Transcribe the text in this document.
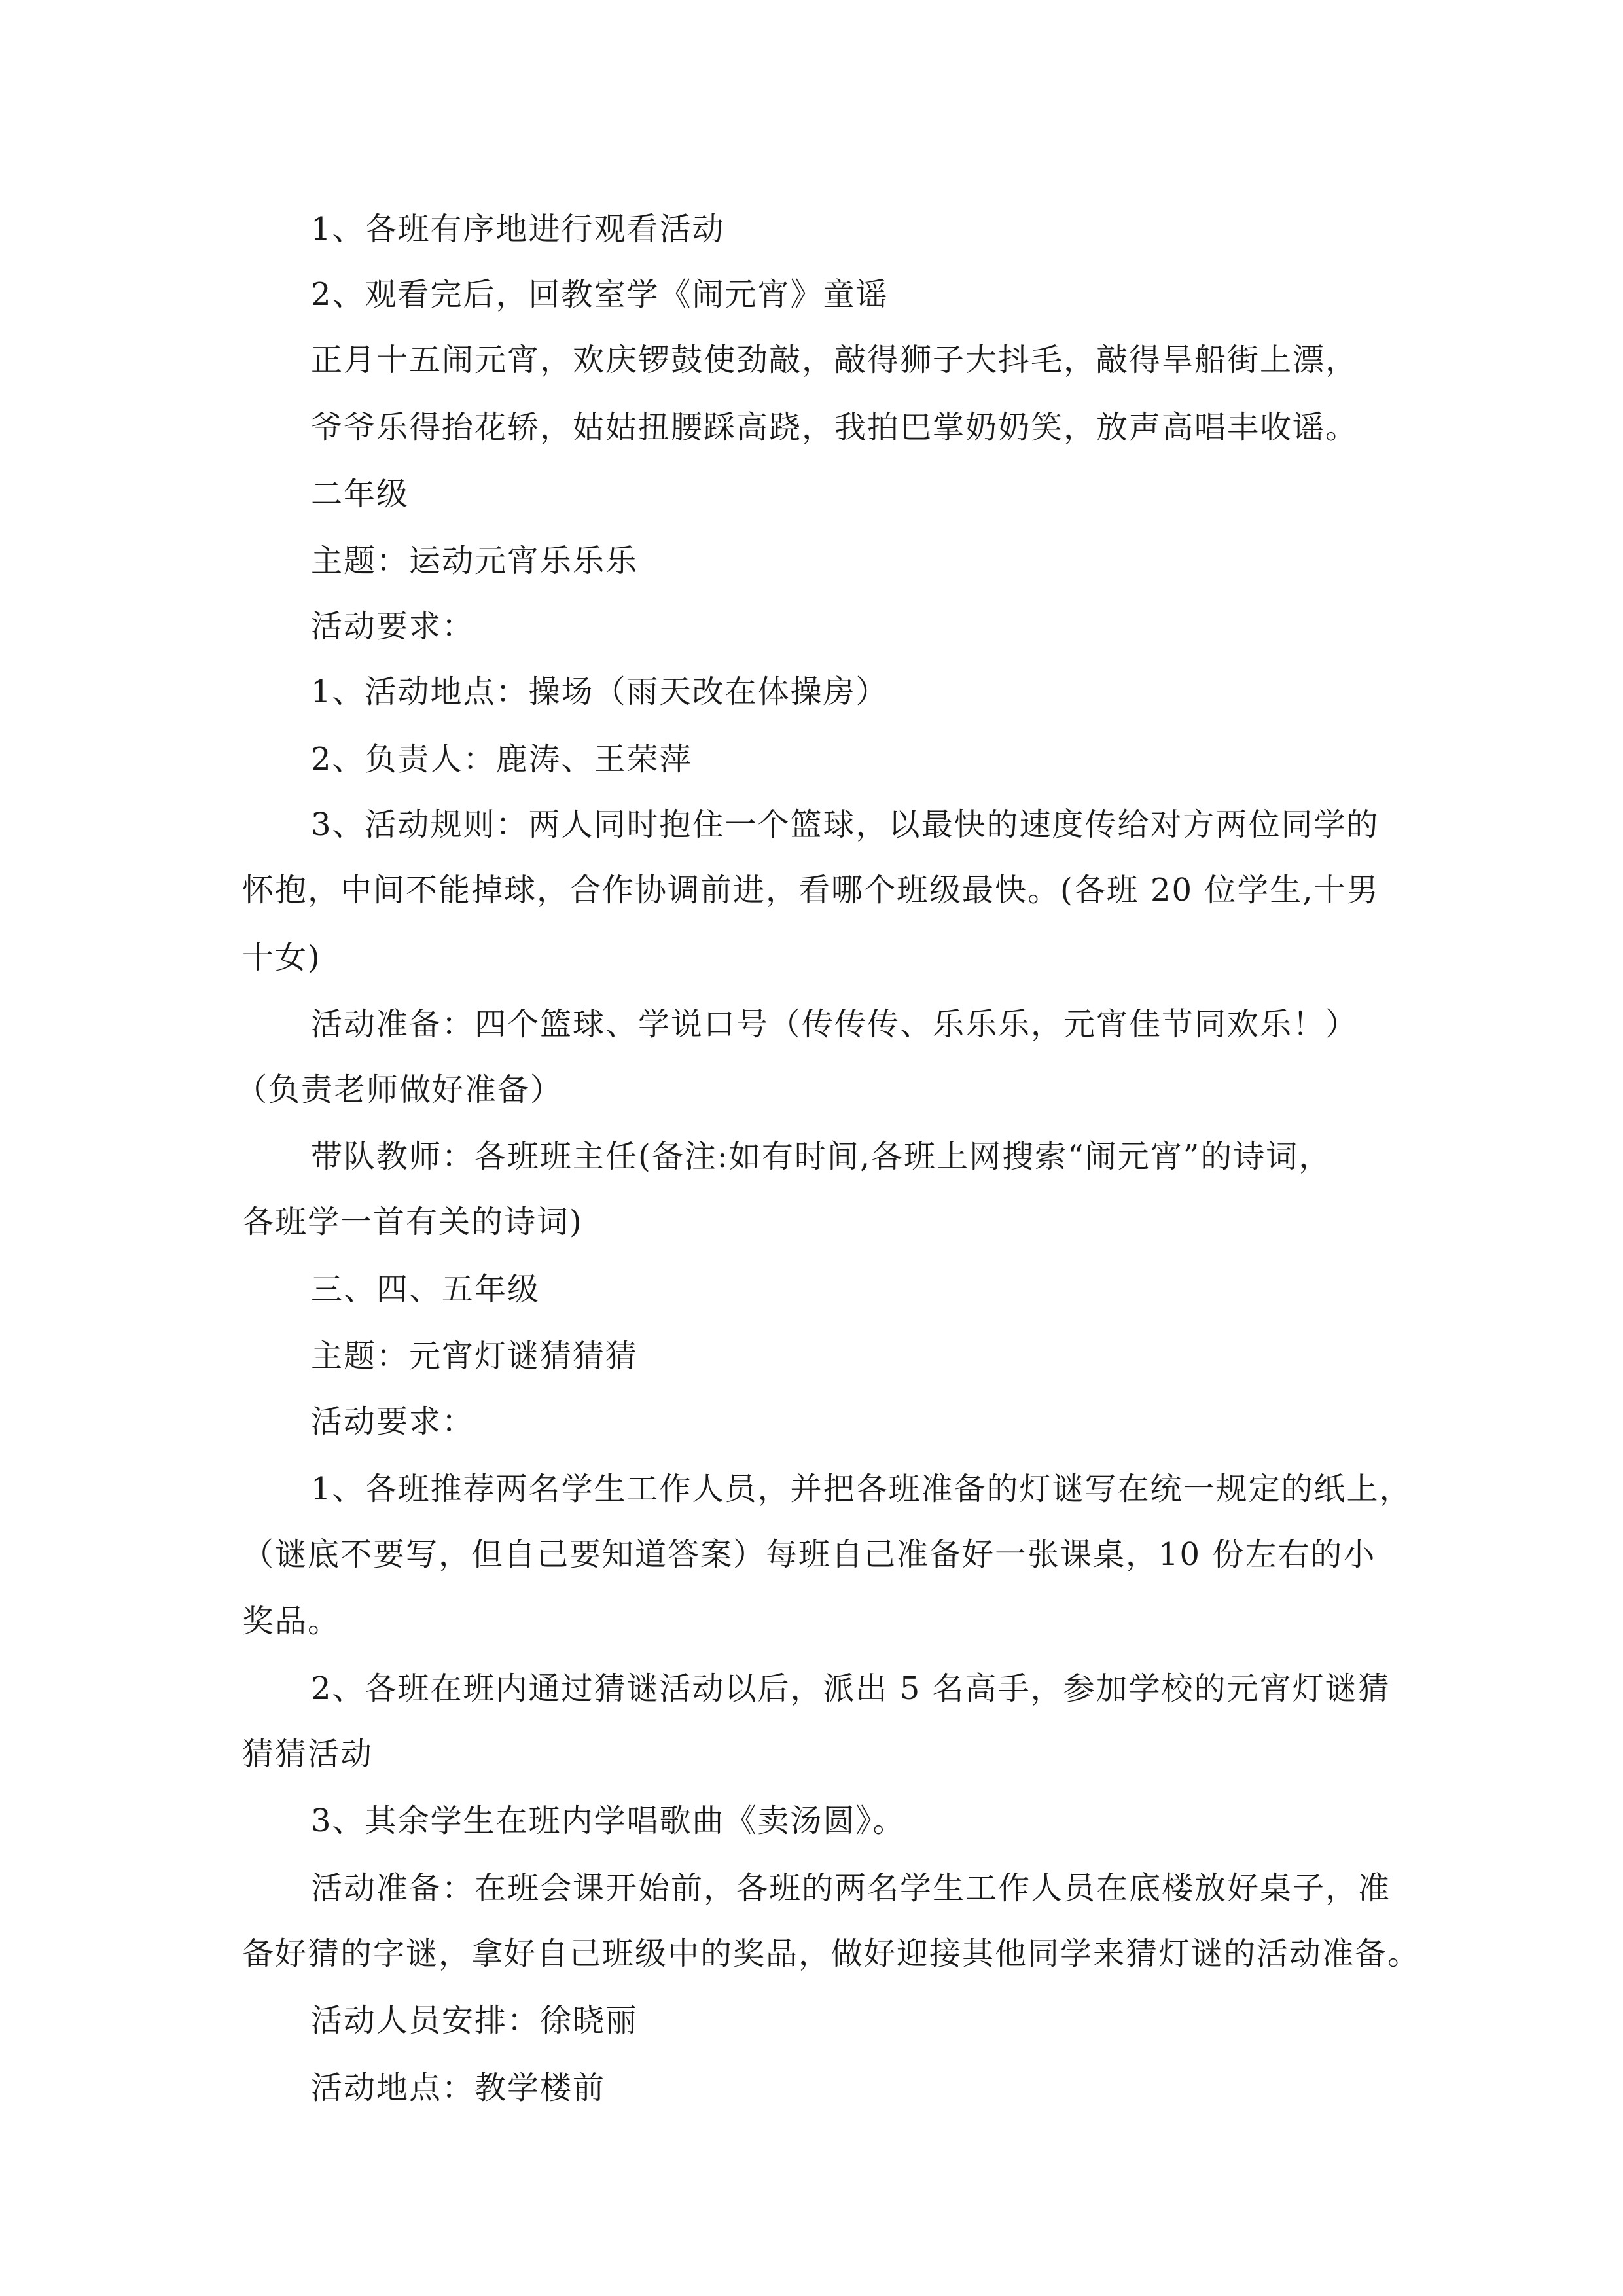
1、各班有序地进行观看活动
2、观看完后，回教室学《闹元宵》童谣
正月十五闹元宵，欢庆锣鼓使劲敲，敲得狮子大抖毛，敲得旱船街上漂，
爷爷乐得抬花轿，姑姑扭腰踩高跷，我拍巴掌奶奶笑，放声高唱丰收谣。
二年级
主题：运动元宵乐乐乐
活动要求：
1、活动地点：操场（雨天改在体操房）
2、负责人：鹿涛、王荣萍
3、活动规则：两人同时抱住一个篮球，以最快的速度传给对方两位同学的
怀抱，中间不能掉球，合作协调前进，看哪个班级最快。(各班 20 位学生,十男
十女)
活动准备：四个篮球、学说口号（传传传、乐乐乐，元宵佳节同欢乐！）
（负责老师做好准备）
带队教师：各班班主任(备注:如有时间,各班上网搜索“闹元宵”的诗词，
各班学一首有关的诗词)
三、四、五年级
主题：元宵灯谜猜猜猜
活动要求：
1、各班推荐两名学生工作人员，并把各班准备的灯谜写在统一规定的纸上，
（谜底不要写，但自己要知道答案）每班自己准备好一张课桌，10 份左右的小
奖品。
2、各班在班内通过猜谜活动以后，派出 5 名高手，参加学校的元宵灯谜猜
猜猜活动
3、其余学生在班内学唱歌曲《卖汤圆》。
活动准备：在班会课开始前，各班的两名学生工作人员在底楼放好桌子，准
备好猜的字谜，拿好自己班级中的奖品，做好迎接其他同学来猜灯谜的活动准备。
活动人员安排：徐晓丽
活动地点：教学楼前
